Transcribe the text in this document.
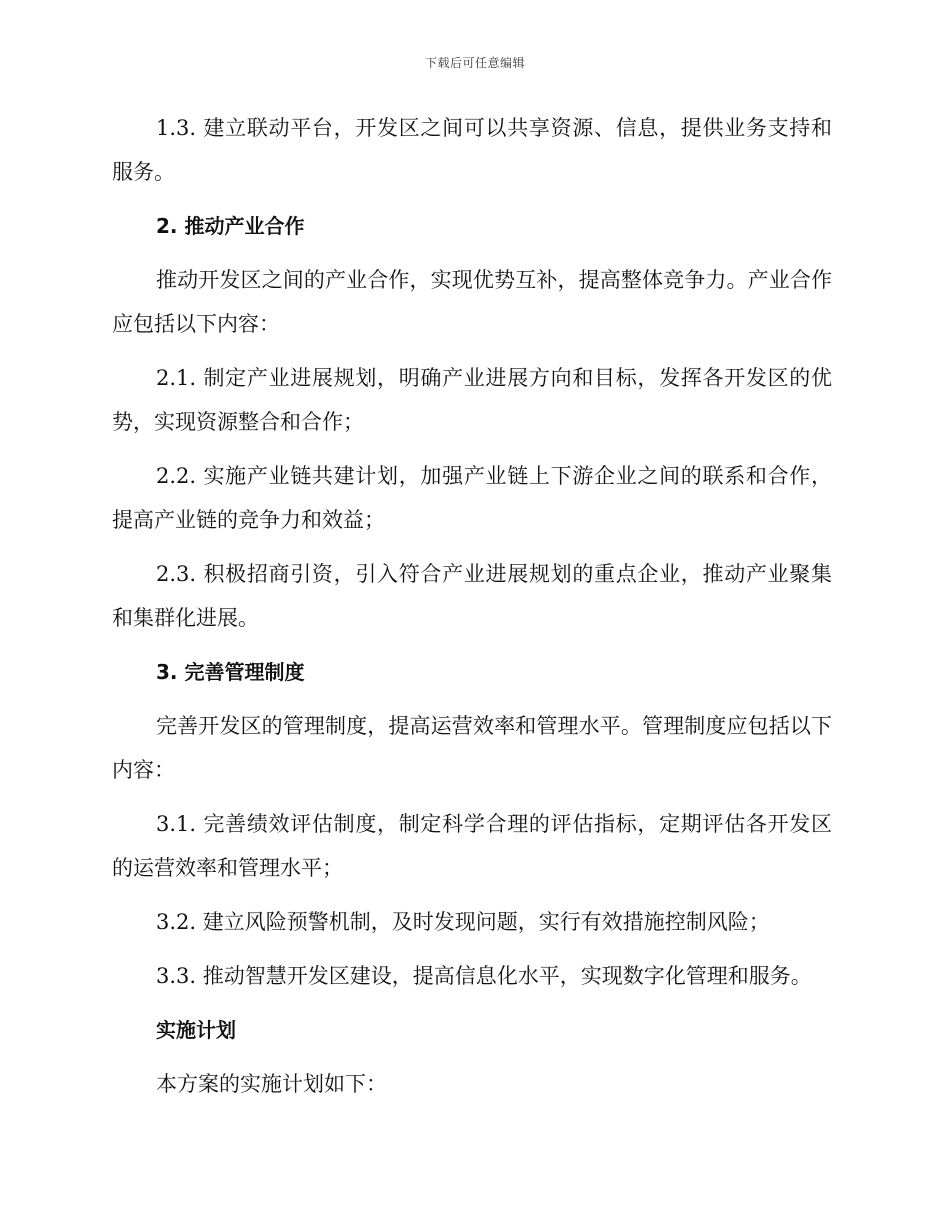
下载后可任意编辑

1.3. 建立联动平台，开发区之间可以共享资源、信息，提供业务支持和服务。

2. 推动产业合作

推动开发区之间的产业合作，实现优势互补，提高整体竞争力。产业合作应包括以下内容：

2.1. 制定产业进展规划，明确产业进展方向和目标，发挥各开发区的优势，实现资源整合和合作；

2.2. 实施产业链共建计划，加强产业链上下游企业之间的联系和合作，提高产业链的竞争力和效益；

2.3. 积极招商引资，引入符合产业进展规划的重点企业，推动产业聚集和集群化进展。

3. 完善管理制度

完善开发区的管理制度，提高运营效率和管理水平。管理制度应包括以下内容：

3.1. 完善绩效评估制度，制定科学合理的评估指标，定期评估各开发区的运营效率和管理水平；

3.2. 建立风险预警机制，及时发现问题，实行有效措施控制风险；

3.3. 推动智慧开发区建设，提高信息化水平，实现数字化管理和服务。

实施计划

本方案的实施计划如下：
